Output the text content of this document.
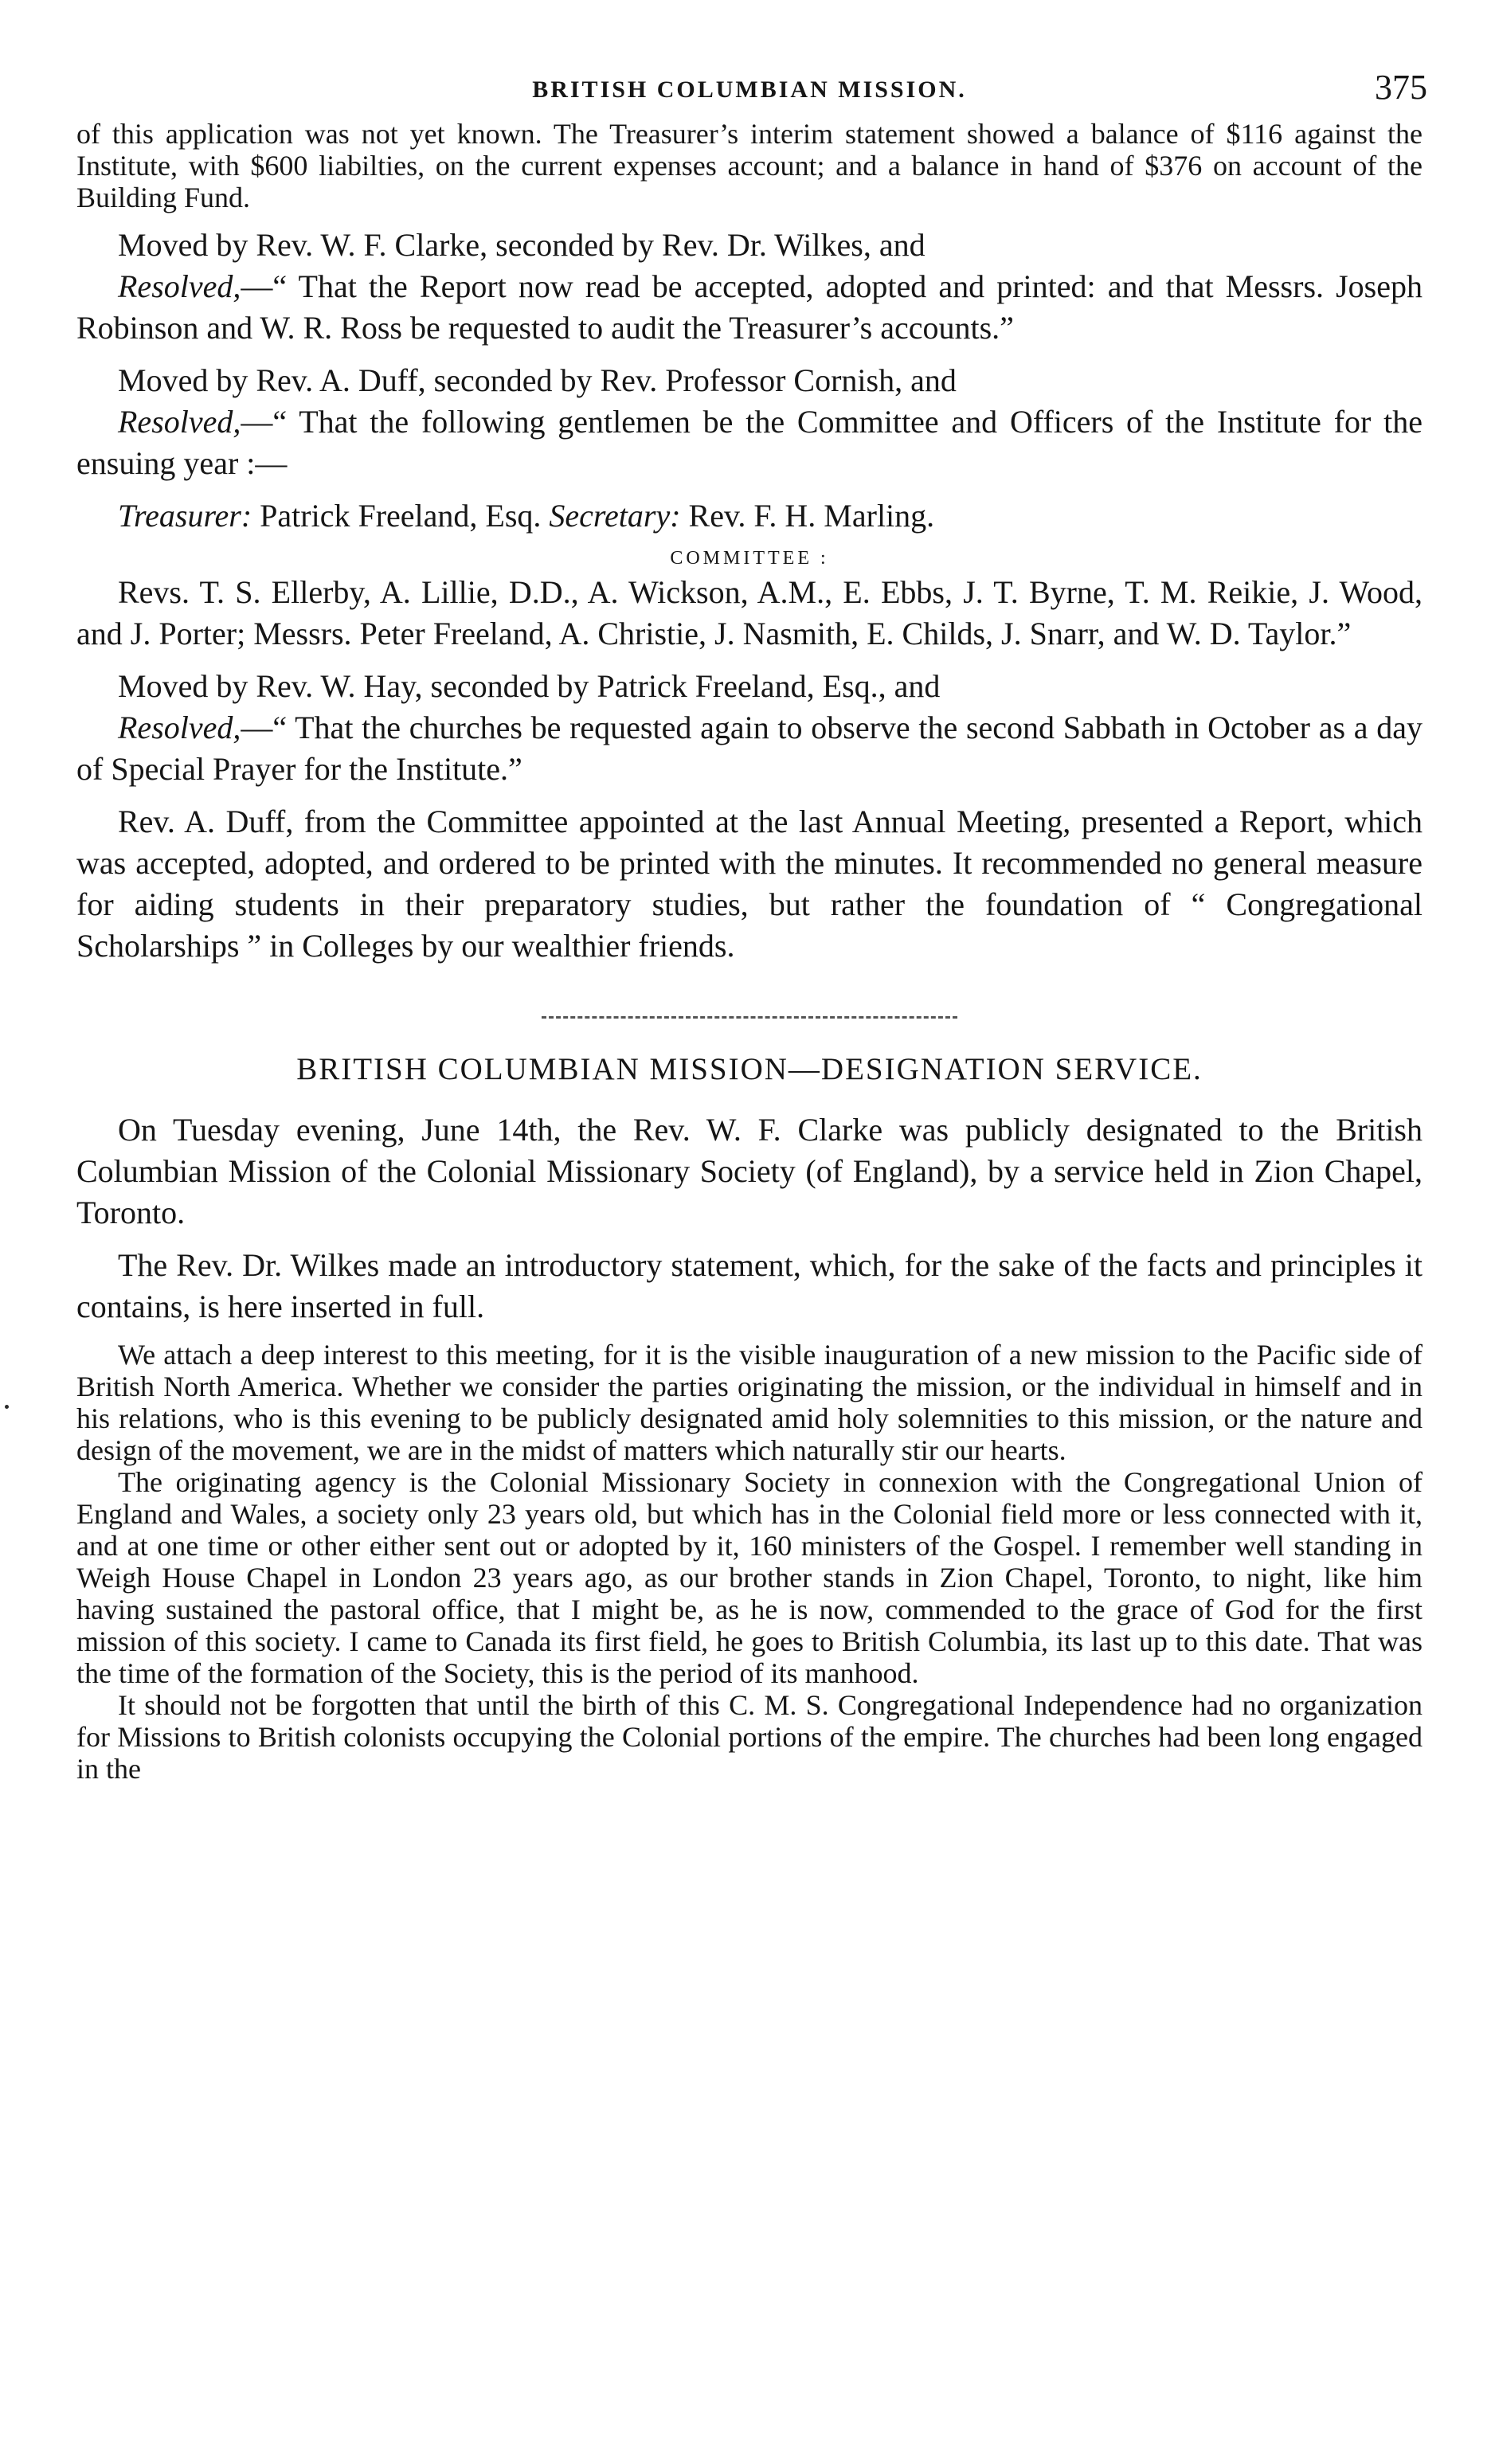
BRITISH COLUMBIAN MISSION.	375

of this application was not yet known. The Treasurer’s interim statement showed a balance of $116 against the Institute, with $600 liabilties, on the current expenses account; and a balance in hand of $376 on account of the Building Fund.

Moved by Rev. W. F. Clarke, seconded by Rev. Dr. Wilkes, and

Resolved,—“ That the Report now read be accepted, adopted and printed: and that Messrs. Joseph Robinson and W. R. Ross be requested to audit the Treasurer’s accounts.”

Moved by Rev. A. Duff, seconded by Rev. Professor Cornish, and

Resolved,—“ That the following gentlemen be the Committee and Officers of the Institute for the ensuing year :—

Treasurer: Patrick Freeland, Esq. Secretary: Rev. F. H. Marling.

COMMITTEE :

Revs. T. S. Ellerby, A. Lillie, D.D., A. Wickson, A.M., E. Ebbs, J. T. Byrne, T. M. Reikie, J. Wood, and J. Porter; Messrs. Peter Freeland, A. Christie, J. Nasmith, E. Childs, J. Snarr, and W. D. Taylor.”

Moved by Rev. W. Hay, seconded by Patrick Freeland, Esq., and

Resolved,—“ That the churches be requested again to observe the second Sabbath in October as a day of Special Prayer for the Institute.”

Rev. A. Duff, from the Committee appointed at the last Annual Meeting, presented a Report, which was accepted, adopted, and ordered to be printed with the minutes. It recommended no general measure for aiding students in their preparatory studies, but rather the foundation of “ Congregational Scholarships ” in Colleges by our wealthier friends.

BRITISH COLUMBIAN MISSION—DESIGNATION SERVICE.

On Tuesday evening, June 14th, the Rev. W. F. Clarke was publicly designated to the British Columbian Mission of the Colonial Missionary Society (of England), by a service held in Zion Chapel, Toronto.

The Rev. Dr. Wilkes made an introductory statement, which, for the sake of the facts and principles it contains, is here inserted in full.

We attach a deep interest to this meeting, for it is the visible inauguration of a new mission to the Pacific side of British North America. Whether we consider the parties originating the mission, or the individual in himself and in his relations, who is this evening to be publicly designated amid holy solemnities to this mission, or the nature and design of the movement, we are in the midst of matters which naturally stir our hearts.

The originating agency is the Colonial Missionary Society in connexion with the Congregational Union of England and Wales, a society only 23 years old, but which has in the Colonial field more or less connected with it, and at one time or other either sent out or adopted by it, 160 ministers of the Gospel. I remember well standing in Weigh House Chapel in London 23 years ago, as our brother stands in Zion Chapel, Toronto, to night, like him having sustained the pastoral office, that I might be, as he is now, commended to the grace of God for the first mission of this society. I came to Canada its first field, he goes to British Columbia, its last up to this date. That was the time of the formation of the Society, this is the period of its manhood.

It should not be forgotten that until the birth of this C. M. S. Congregational Independence had no organization for Missions to British colonists occupying the Colonial portions of the empire. The churches had been long engaged in the
